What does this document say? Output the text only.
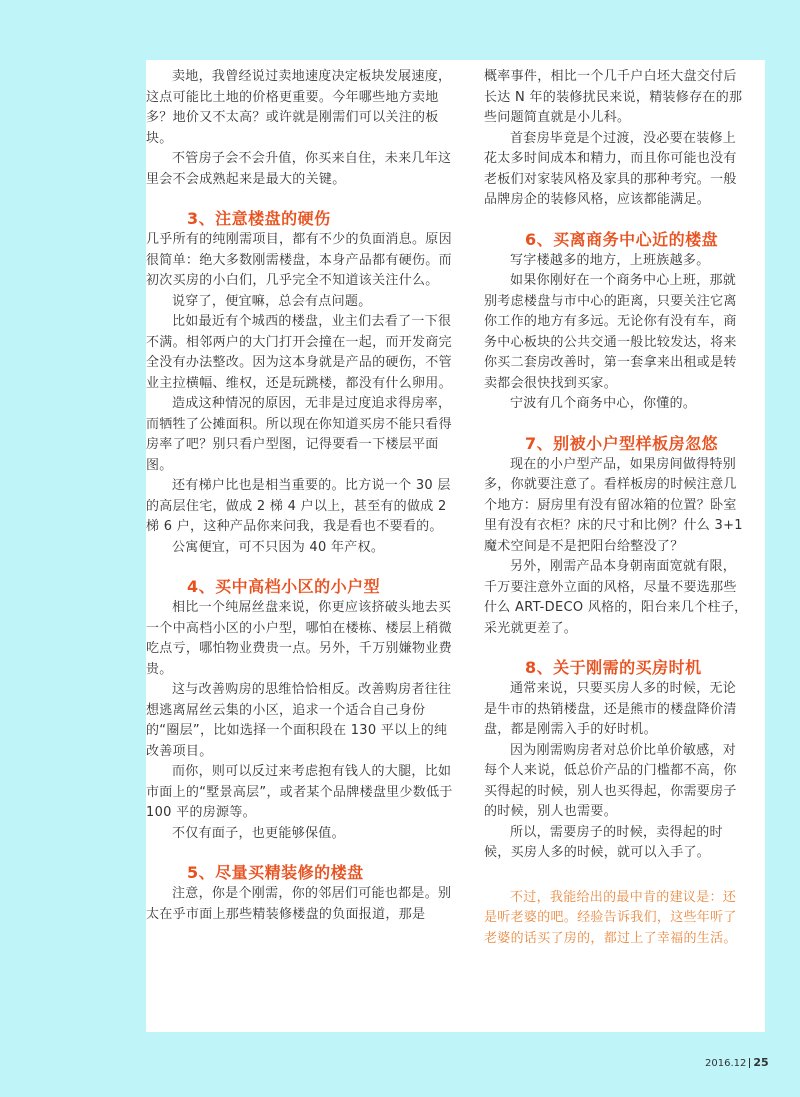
卖地，我曾经说过卖地速度决定板块发展速度，这点可能比土地的价格更重要。今年哪些地方卖地多？地价又不太高？或许就是刚需们可以关注的板块。

不管房子会不会升值，你买来自住，未来几年这里会不会成熟起来是最大的关键。

3、注意楼盘的硬伤

几乎所有的纯刚需项目，都有不少的负面消息。原因很简单：绝大多数刚需楼盘，本身产品都有硬伤。而初次买房的小白们，几乎完全不知道该关注什么。

说穿了，便宜嘛，总会有点问题。

比如最近有个城西的楼盘，业主们去看了一下很不满。相邻两户的大门打开会撞在一起，而开发商完全没有办法整改。因为这本身就是产品的硬伤，不管业主拉横幅、维权，还是玩跳楼，都没有什么卵用。

造成这种情况的原因，无非是过度追求得房率，而牺牲了公摊面积。所以现在你知道买房不能只看得房率了吧？别只看户型图，记得要看一下楼层平面图。

还有梯户比也是相当重要的。比方说一个 30 层的高层住宅，做成 2 梯 4 户以上，甚至有的做成 2 梯 6 户，这种产品你来问我，我是看也不要看的。

公寓便宜，可不只因为 40 年产权。

4、买中高档小区的小户型

相比一个纯屌丝盘来说，你更应该挤破头地去买一个中高档小区的小户型，哪怕在楼栋、楼层上稍微吃点亏，哪怕物业费贵一点。另外，千万别嫌物业费贵。

这与改善购房的思维恰恰相反。改善购房者往往想逃离屌丝云集的小区，追求一个适合自己身份的“圈层”，比如选择一个面积段在 130 平以上的纯改善项目。

而你，则可以反过来考虑抱有钱人的大腿，比如市面上的“墅景高层”，或者某个品牌楼盘里少数低于 100 平的房源等。

不仅有面子，也更能够保值。

5、尽量买精装修的楼盘

注意，你是个刚需，你的邻居们可能也都是。别太在乎市面上那些精装修楼盘的负面报道，那是

概率事件，相比一个几千户白坯大盘交付后长达 N 年的装修扰民来说，精装修存在的那些问题简直就是小儿科。

首套房毕竟是个过渡，没必要在装修上花太多时间成本和精力，而且你可能也没有老板们对家装风格及家具的那种考究。一般品牌房企的装修风格，应该都能满足。

6、买离商务中心近的楼盘

写字楼越多的地方，上班族越多。

如果你刚好在一个商务中心上班，那就别考虑楼盘与市中心的距离，只要关注它离你工作的地方有多远。无论你有没有车，商务中心板块的公共交通一般比较发达，将来你买二套房改善时，第一套拿来出租或是转卖都会很快找到买家。

宁波有几个商务中心，你懂的。

7、别被小户型样板房忽悠

现在的小户型产品，如果房间做得特别多，你就要注意了。看样板房的时候注意几个地方：厨房里有没有留冰箱的位置？卧室里有没有衣柜？床的尺寸和比例？什么 3+1 魔术空间是不是把阳台给整没了？

另外，刚需产品本身朝南面宽就有限，千万要注意外立面的风格，尽量不要选那些什么 ART-DECO 风格的，阳台来几个柱子，采光就更差了。

8、关于刚需的买房时机

通常来说，只要买房人多的时候，无论是牛市的热销楼盘，还是熊市的楼盘降价清盘，都是刚需入手的好时机。

因为刚需购房者对总价比单价敏感，对每个人来说，低总价产品的门槛都不高，你买得起的时候，别人也买得起，你需要房子的时候，别人也需要。

所以，需要房子的时候，卖得起的时候，买房人多的时候，就可以入手了。

不过，我能给出的最中肯的建议是：还是听老婆的吧。经验告诉我们，这些年听了老婆的话买了房的，都过上了幸福的生活。

2016.12 25
